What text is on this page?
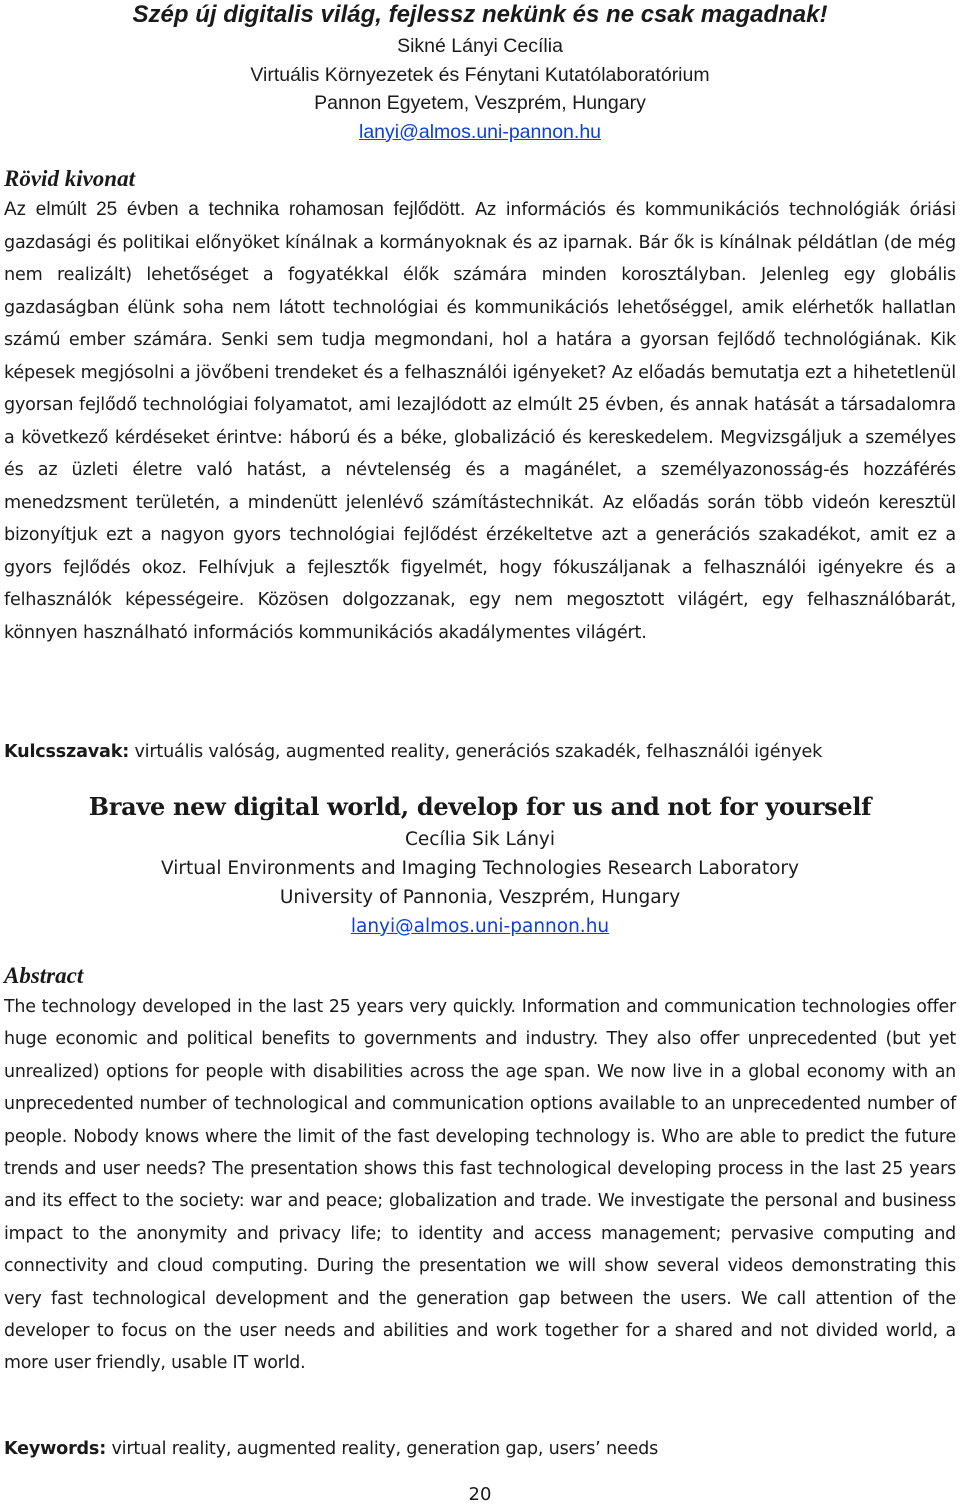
Szép új digitalis világ, fejlessz nekünk és ne csak magadnak!
Sikné Lányi Cecília
Virtuális Környezetek és Fénytani Kutatólaboratórium
Pannon Egyetem, Veszprém, Hungary
lanyi@almos.uni-pannon.hu
Rövid kivonat

Az elmúlt 25 évben a technika rohamosan fejlődött. Az információs és kommunikációs technológiák óriási gazdasági és politikai előnyöket kínálnak a kormányoknak és az iparnak. Bár ők is kínálnak példátlan (de még nem realizált) lehetőséget a fogyatékkal élők számára minden korosztályban. Jelenleg egy globális gazdaságban élünk soha nem látott technológiai és kommunikációs lehetőséggel, amik elérhetők hallatlan számú ember számára. Senki sem tudja megmondani, hol a határa a gyorsan fejlődő technológiának. Kik képesek megjósolni a jövőbeni trendeket és a felhasználói igényeket? Az előadás bemutatja ezt a hihetetlenül gyorsan fejlődő technológiai folyamatot, ami lezajlódott az elmúlt 25 évben, és annak hatását a társadalomra a következő kérdéseket érintve: háború és a béke, globalizáció és kereskedelem. Megvizsgáljuk a személyes és az üzleti életre való hatást, a névtelenség és a magánélet, a személyazonosság-és hozzáférés menedzsment területén, a mindenütt jelenlévő számítástechnikát. Az előadás során több videón keresztül bizonyítjuk ezt a nagyon gyors technológiai fejlődést érzékeltetve azt a generációs szakadékot, amit ez a gyors fejlődés okoz. Felhívjuk a fejlesztők figyelmét, hogy fókuszáljanak a felhasználói igényekre és a felhasználók képességeire. Közösen dolgozzanak, egy nem megosztott világért, egy felhasználóbarát, könnyen használható információs kommunikációs akadálymentes világért.

Kulcsszavak: virtuális valóság, augmented reality, generációs szakadék, felhasználói igények
Brave new digital world, develop for us and not for yourself
Cecília Sik Lányi
Virtual Environments and Imaging Technologies Research Laboratory
University of Pannonia, Veszprém, Hungary
lanyi@almos.uni-pannon.hu
Abstract

The technology developed in the last 25 years very quickly. Information and communication technologies offer huge economic and political benefits to governments and industry. They also offer unprecedented (but yet unrealized) options for people with disabilities across the age span. We now live in a global economy with an unprecedented number of technological and communication options available to an unprecedented number of people. Nobody knows where the limit of the fast developing technology is. Who are able to predict the future trends and user needs? The presentation shows this fast technological developing process in the last 25 years and its effect to the society: war and peace; globalization and trade. We investigate the personal and business impact to the anonymity and privacy life; to identity and access management; pervasive computing and connectivity and cloud computing. During the presentation we will show several videos demonstrating this very fast technological development and the generation gap between the users. We call attention of the developer to focus on the user needs and abilities and work together for a shared and not divided world, a more user friendly, usable IT world.

Keywords: virtual reality, augmented reality, generation gap, users’ needs
20
